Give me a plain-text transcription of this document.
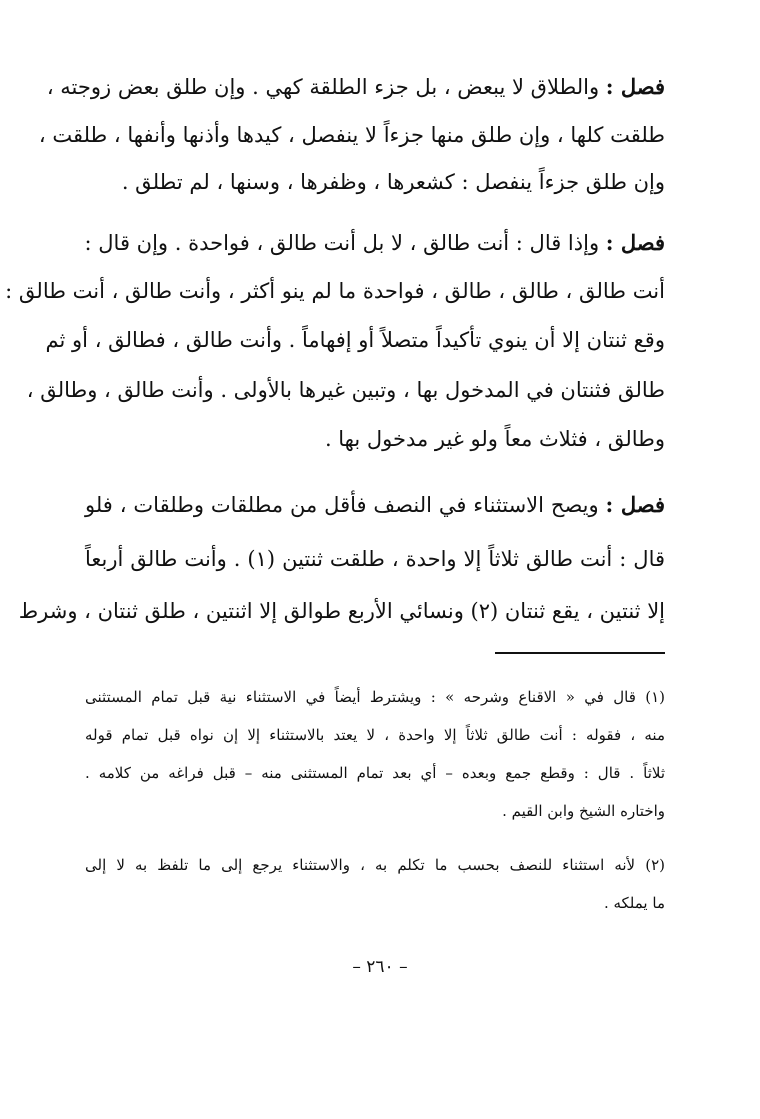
فصل : والطلاق لا يبعض ، بل جزء الطلقة كهي . وإن طلق بعض زوجته ،
طلقت كلها ، وإن طلق منها جزءاً لا ينفصل ، كيدها وأذنها وأنفها ، طلقت ،
وإن طلق جزءاً ينفصل : كشعرها ، وظفرها ، وسنها ، لم تطلق .
فصل : وإذا قال : أنت طالق ، لا بل أنت طالق ، فواحدة . وإن قال :
أنت طالق ، طالق ، طالق ، فواحدة ما لم ينو أكثر ، وأنت طالق ، أنت طالق :
وقع ثنتان إلا أن ينوي تأكيداً متصلاً أو إفهاماً . وأنت طالق ، فطالق ، أو ثم
طالق فثنتان في المدخول بها ، وتبين غيرها بالأولى . وأنت طالق ، وطالق ،
وطالق ، فثلاث معاً ولو غير مدخول بها .
فصل : ويصح الاستثناء في النصف فأقل من مطلقات وطلقات ، فلو
قال : أنت طالق ثلاثاً إلا واحدة ، طلقت ثنتين (١) . وأنت طالق أربعاً
إلا ثنتين ، يقع ثنتان (٢) ونسائي الأربع طوالق إلا اثنتين ، طلق ثنتان ، وشرط
(١) قال في « الاقناع وشرحه » : ويشترط أيضاً في الاستثناء نية قبل تمام المستثنى
منه ، فقوله : أنت طالق ثلاثاً إلا واحدة ، لا يعتد بالاستثناء إلا إن نواه قبل تمام قوله
ثلاثاً . قال : وقطع جمع وبعده – أي بعد تمام المستثنى منه – قبل فراغه من كلامه .
واختاره الشيخ وابن القيم .
(٢) لأنه استثناء للنصف بحسب ما تكلم به ، والاستثناء يرجع إلى ما تلفظ به لا إلى
ما يملكه .
– ٢٦٠ –
